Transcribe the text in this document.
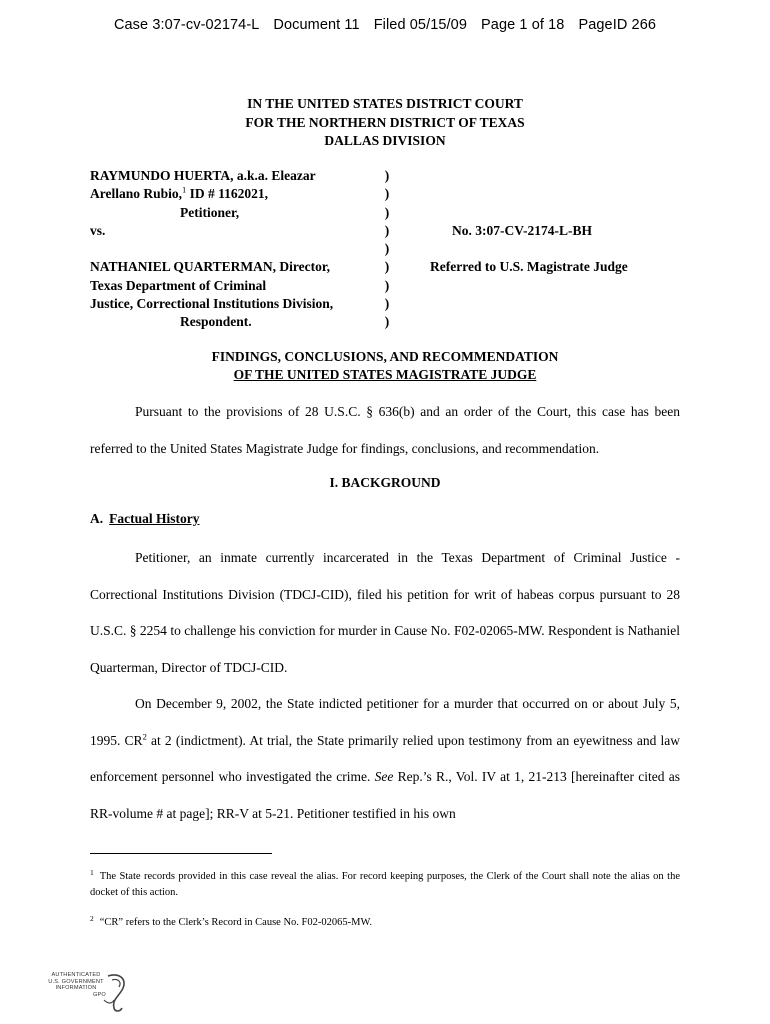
Case 3:07-cv-02174-L Document 11 Filed 05/15/09 Page 1 of 18 PageID 266
IN THE UNITED STATES DISTRICT COURT
FOR THE NORTHERN DISTRICT OF TEXAS
DALLAS DIVISION
RAYMUNDO HUERTA, a.k.a. Eleazar
Arellano Rubio,$^1$ ID # 1162021,
Petitioner,
vs.

NATHANIEL QUARTERMAN, Director,
Texas Department of Criminal
Justice, Correctional Institutions Division,
Respondent.
)
)
)
)
)
)
)
)
)

No. 3:07-CV-2174-L-BH

Referred to U.S. Magistrate Judge
FINDINGS, CONCLUSIONS, AND RECOMMENDATION
OF THE UNITED STATES MAGISTRATE JUDGE
Pursuant to the provisions of 28 U.S.C. § 636(b) and an order of the Court, this case has been referred to the United States Magistrate Judge for findings, conclusions, and recommendation.
I. BACKGROUND
A. Factual History
Petitioner, an inmate currently incarcerated in the Texas Department of Criminal Justice - Correctional Institutions Division (TDCJ-CID), filed his petition for writ of habeas corpus pursuant to 28 U.S.C. § 2254 to challenge his conviction for murder in Cause No. F02-02065-MW. Respondent is Nathaniel Quarterman, Director of TDCJ-CID.
On December 9, 2002, the State indicted petitioner for a murder that occurred on or about July 5, 1995. $CR^2$ at 2 (indictment). At trial, the State primarily relied upon testimony from an eyewitness and law enforcement personnel who investigated the crime. See Rep.’s R., Vol. IV at 1, 21-213 [hereinafter cited as RR-volume # at page]; RR-V at 5-21. Petitioner testified in his own
$^1$ The State records provided in this case reveal the alias. For record keeping purposes, the Clerk of the Court shall note the alias on the docket of this action.
$^2$ “CR” refers to the Clerk’s Record in Cause No. F02-02065-MW.
AUTHENTICATED
U.S. GOVERNMENT
INFORMATION
GPO
